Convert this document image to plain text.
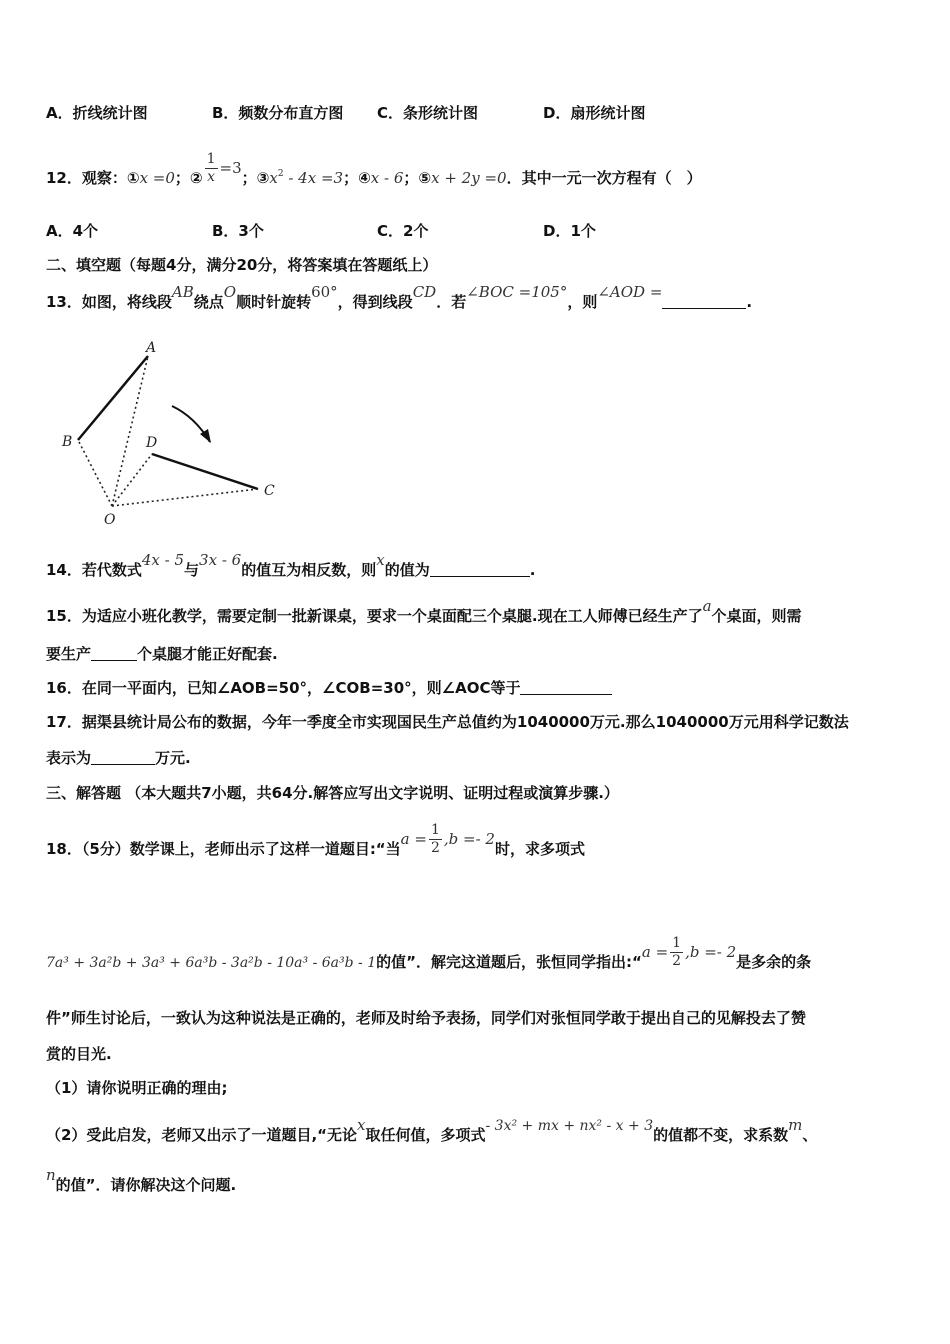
A．折线统计图	B．频数分布直方图 C．条形统计图	D．扇形统计图
12．观察：①x =0；② $\frac{1}{x} =3$；$③x^2 - 4x =3$；④x - 6；⑤x + 2y =0．其中一元一次方程有（　）
A．4个	B．3个	C．2个	D．1个
二、填空题（每题4分，满分20分，将答案填在答题纸上）
13．如图，将线段AB绕点O顺时针旋转60°，得到线段CD．若∠BOC =105°，则∠AOD =.
A
B	D
C
O
14．若代数式4x - 5与3x - 6的值互为相反数，则x的值为	.
15．为适应小班化教学，需要定制一批新课桌，要求一个桌面配三个桌腿.现在工人师傅已经生产了a个桌面，则需
要生产	个桌腿才能正好配套.
16．在同一平面内，已知∠AOB=50°，∠COB=30°，则∠AOC等于
17．据渠县统计局公布的数据，今年一季度全市实现国民生产总值约为1040000万元.那么1040000万元用科学记数法
表示为	万元.
三、解答题 （本大题共7小题，共64分.解答应写出文字说明、证明过程或演算步骤.）
18．（5分）数学课上，老师出示了这样一道题目:“当$a = \frac{1}{2} ,b =- 2$时，求多项式
7a³ + 3a²b + 3a³ + 6a³b - 3a²b - 10a³ - 6a³b - 1的值”．解完这道题后，张恒同学指出:“a = $\frac{1}{2} ,b =- 2$是多余的条
件”师生讨论后，一致认为这种说法是正确的，老师及时给予表扬，同学们对张恒同学敢于提出自己的见解投去了赞
赏的目光.
（1）请你说明正确的理由;
（2）受此启发，老师又出示了一道题目,“无论x取任何值，多项式- 3x² + mx + nx² - x + 3的值都不变，求系数m、
n的值”．请你解决这个问题.
